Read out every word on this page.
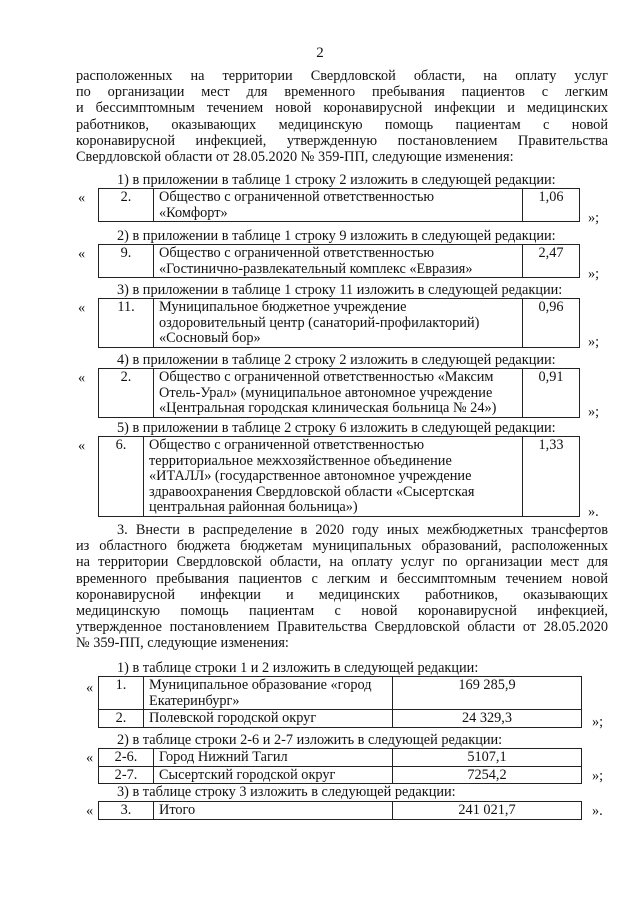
2
расположенных на территории Свердловской области, на оплату услуг
по организации мест для временного пребывания пациентов с легким
и бессимптомным течением новой коронавирусной инфекции и медицинских
работников, оказывающих медицинскую помощь пациентам с новой
коронавирусной инфекцией, утвержденную постановлением Правительства
Свердловской области от 28.05.2020 № 359-ПП, следующие изменения:
1) в приложении в таблице 1 строку 2 изложить в следующей редакции:
« 2.	Общество с ограниченной ответственностью
«Комфорт»
	1,06
»;
2) в приложении в таблице 1 строку 9 изложить в следующей редакции:
« 9.	Общество с ограниченной ответственностью
«Гостинично-развлекательный комплекс «Евразия»
	2,47
»;
3) в приложении в таблице 1 строку 11 изложить в следующей редакции:
« 11.	Муниципальное бюджетное учреждение
оздоровительный центр (санаторий-профилакторий)
«Сосновый бор»
	0,96
»;
4) в приложении в таблице 2 строку 2 изложить в следующей редакции:
« 2.	Общество с ограниченной ответственностью «Максим
Отель-Урал» (муниципальное автономное учреждение
«Центральная городская клиническая больница № 24»)
	0,91
»;
5) в приложении в таблице 2 строку 6 изложить в следующей редакции:
« 6.	Общество с ограниченной ответственностью
территориальное межхозяйственное объединение
«ИТАЛЛ» (государственное автономное учреждение
здравоохранения Свердловской области «Сысертская
центральная районная больница»)
	1,33
».
3. Внести в распределение в 2020 году иных межбюджетных трансфертов
из областного бюджета бюджетам муниципальных образований, расположенных
на территории Свердловской области, на оплату услуг по организации мест для
временного пребывания пациентов с легким и бессимптомным течением новой
коронавирусной инфекции и медицинских работников, оказывающих
медицинскую помощь пациентам с новой коронавирусной инфекцией,
утвержденное постановлением Правительства Свердловской области от 28.05.2020
№ 359-ПП, следующие изменения:
1) в таблице строки 1 и 2 изложить в следующей редакции:
« 1.	Муниципальное образование «город
Екатеринбург»	169 285,9
2.	Полевской городской округ	24 329,3	»;
2) в таблице строки 2-6 и 2-7 изложить в следующей редакции:
« 2-6.	Город Нижний Тагил	5107,1
2-7.	Сысертский городской округ	7254,2	»;
3) в таблице строку 3 изложить в следующей редакции:
« 3.	Итого	241 021,7	».
